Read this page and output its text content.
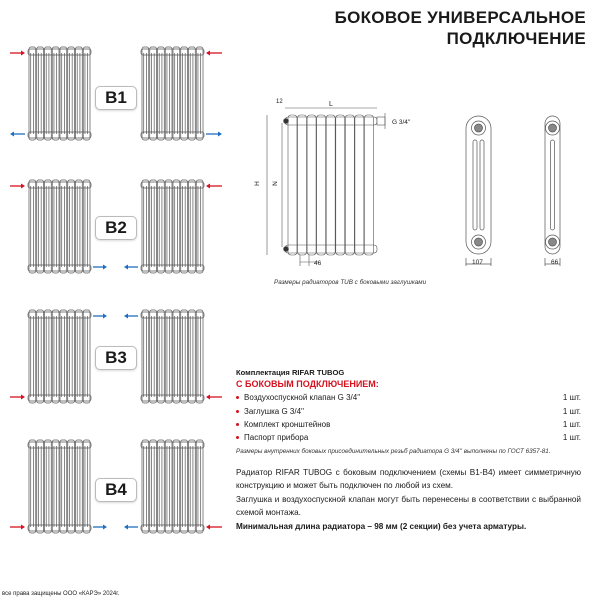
БОКОВОЕ УНИВЕРСАЛЬНОЕ
ПОДКЛЮЧЕНИЕ
B1
B2
B3
B4
12	L
H N
G 3/4''
46	107	66
Размеры радиаторов TUB с боковыми заглушками
Комплектация RIFAR TUBOG
С БОКОВЫМ ПОДКЛЮЧЕНИЕМ:
Воздухоспускной клапан G 3/4''	1 шт.
Заглушка G 3/4''	1 шт.
Комплект кронштейнов	1 шт.
Паспорт прибора	1 шт.
Размеры внутренних боковых присоединительных резьб радиатора G 3/4'' выполнены по ГОСТ 6357-81.
Радиатор RIFAR TUBOG с боковым подключением (схемы В1-В4) имеет симметричную конструкцию и может быть подключен по любой из схем.
Заглушка и воздухоспускной клапан могут быть перенесены в соответствии с выбранной схемой монтажа.
Минимальная длина радиатора – 98 мм (2 секции) без учета арматуры.
все права защищены ООО «КАРЭ» 2024г.
